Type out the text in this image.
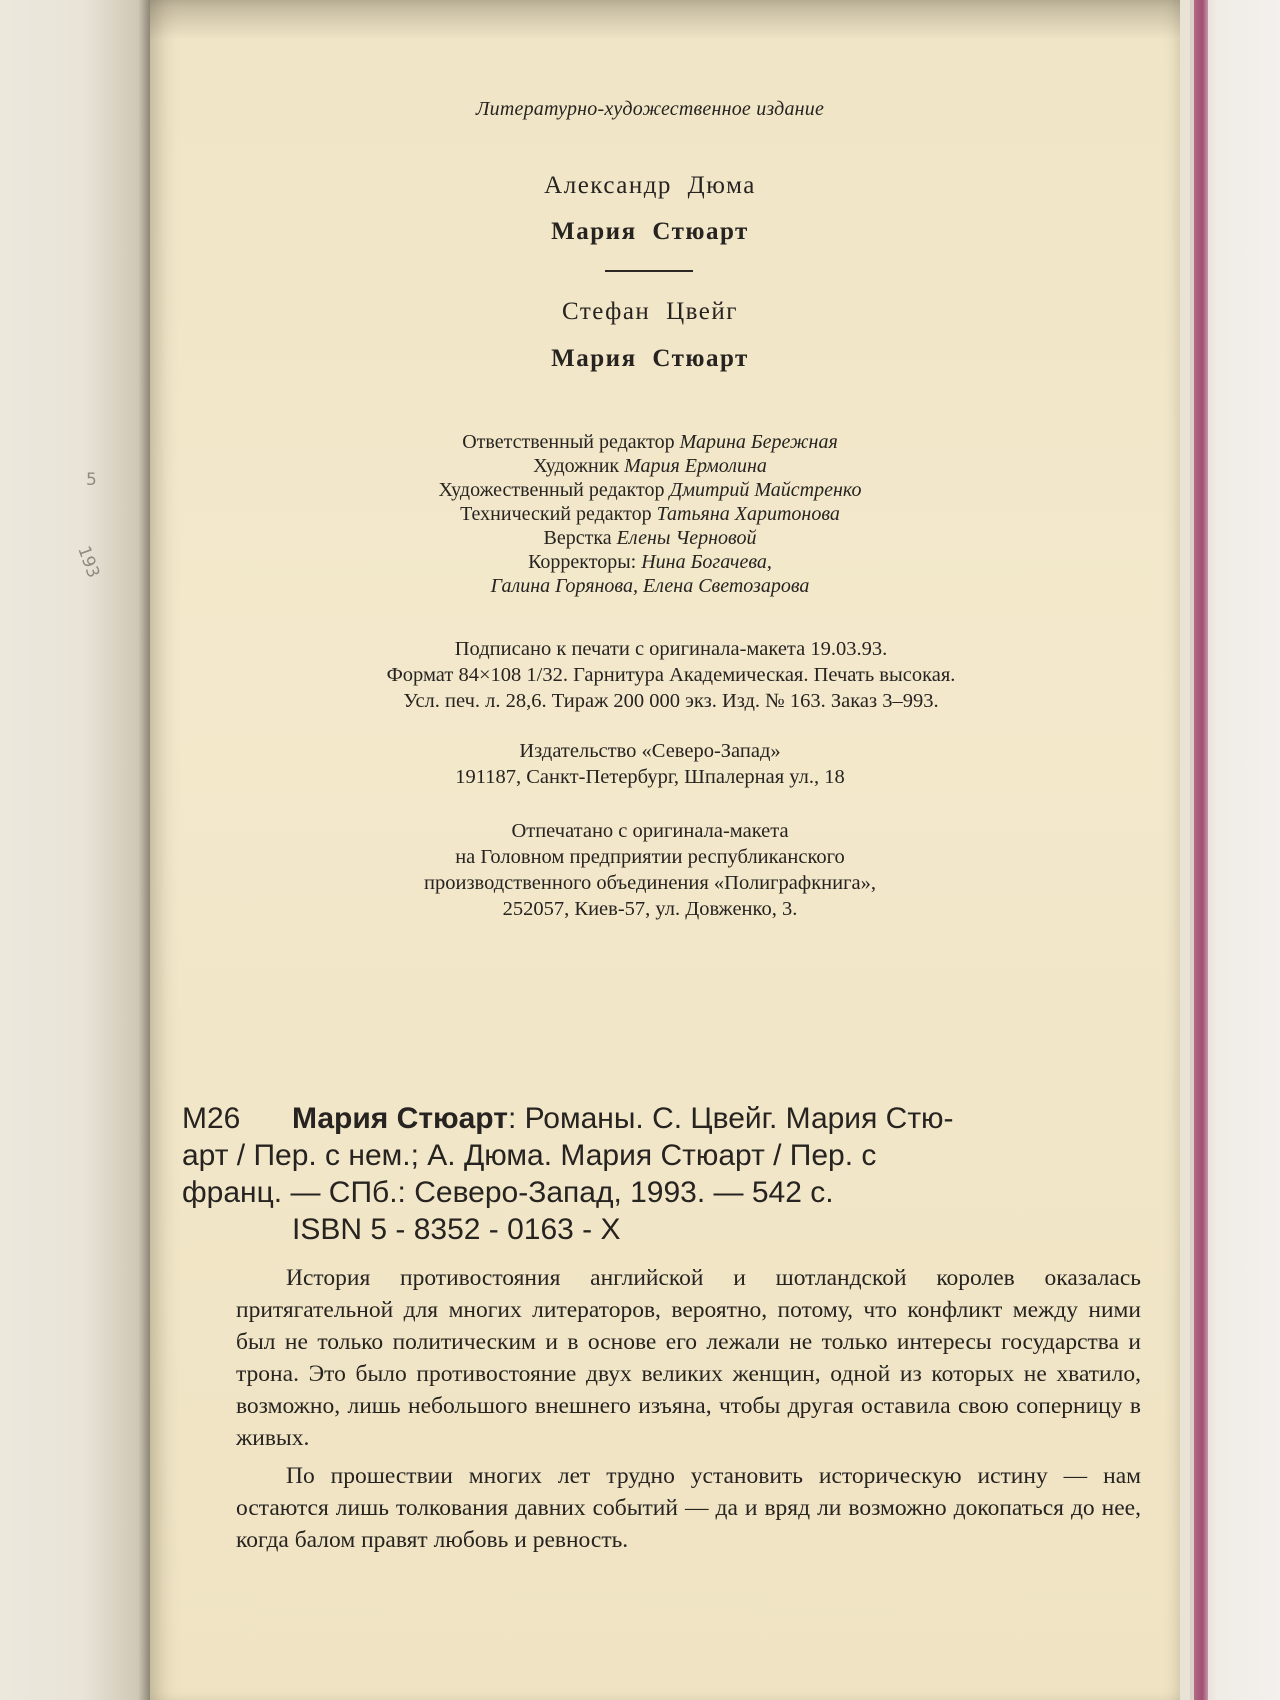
5
193
Литературно-художественное издание
Александр Дюма
Мария Стюарт
Стефан Цвейг
Мария Стюарт
Ответственный редактор Марина Бережная
Художник Мария Ермолина
Художественный редактор Дмитрий Майстренко
Технический редактор Татьяна Харитонова
Верстка Елены Черновой
Корректоры: Нина Богачева,
Галина Горянова, Елена Светозарова
Подписано к печати с оригинала-макета 19.03.93.
Формат 84×108 1/32. Гарнитура Академическая. Печать высокая.
Усл. печ. л. 28,6. Тираж 200 000 экз. Изд. № 163. Заказ 3–993.
Издательство «Северо-Запад»
191187, Санкт-Петербург, Шпалерная ул., 18
Отпечатано с оригинала-макета
на Головном предприятии республиканского
производственного объединения «Полиграфкнига»,
252057, Киев-57, ул. Довженко, 3.
М26 Мария Стюарт: Романы. С. Цвейг. Мария Стю-
арт / Пер. с нем.; А. Дюма. Мария Стюарт / Пер. с
франц. — СПб.: Северо-Запад, 1993. — 542 с.
ISBN 5 - 8352 - 0163 - X

История противостояния английской и шотландской королев оказалась притягательной для многих литераторов, вероятно, потому, что конфликт между ними был не только политическим и в основе его лежали не только интересы государства и трона. Это было противостояние двух великих женщин, одной из которых не хватило, возможно, лишь небольшого внешнего изъяна, чтобы другая оставила свою соперницу в живых.

По прошествии многих лет трудно установить историческую истину — нам остаются лишь толкования давних событий — да и вряд ли возможно докопаться до нее, когда балом правят любовь и ревность.
